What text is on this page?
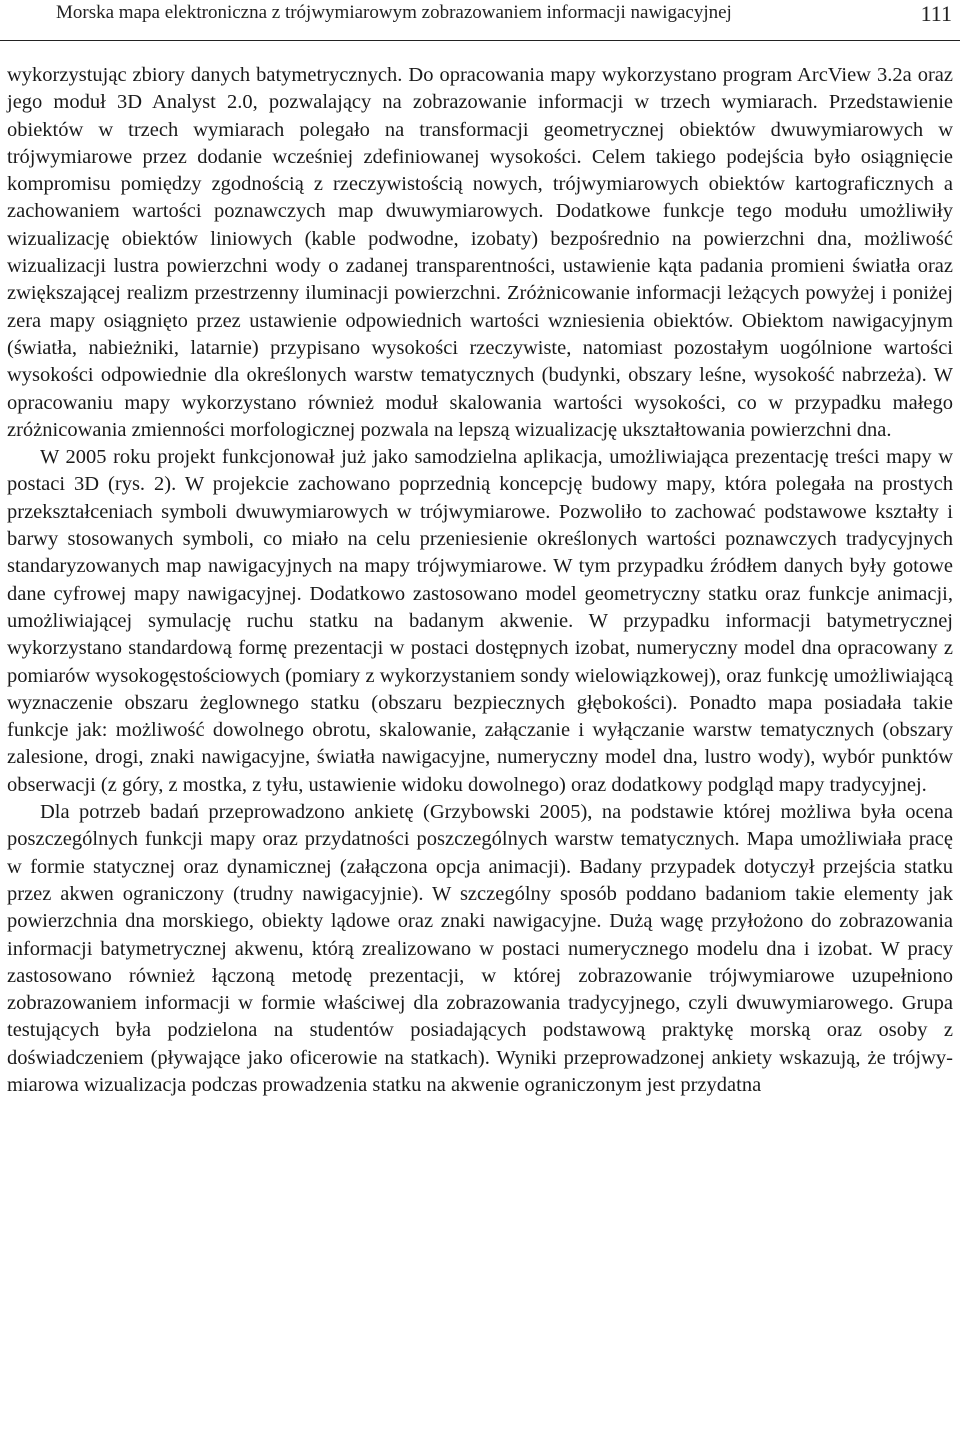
Morska mapa elektroniczna z trójwymiarowym zobrazowaniem informacji nawigacyjnej	111

wykorzystując zbiory danych batymetrycznych. Do opracowania mapy wykorzystano program ArcView 3.2a oraz jego moduł 3D Analyst 2.0, pozwalający na zobrazowanie informacji w trzech wymiarach. Przedstawienie obiektów w trzech wymiarach polegało na transformacji geometrycznej obiektów dwuwymiarowych w trójwymiarowe przez dodanie wcześniej zdefiniowanej wysokości. Celem takiego podejścia było osiągnięcie kompromisu pomiędzy zgodnością z rzeczywistością nowych, trójwymiarowych obiektów kartograficznych a zachowaniem wartości poznawczych map dwuwymiarowych. Dodatkowe funkcje tego modułu umożliwiły wizualizację obiektów liniowych (kable podwodne, izobaty) bezpośrednio na powierzchni dna, możliwość wizualizacji lustra powierzchni wody o zadanej transparentności, ustawienie kąta padania promieni światła oraz zwiększającej realizm przestrzenny iluminacji powierzchni. Zróżnicowanie informacji leżących powyżej i poniżej zera mapy osiągnięto przez ustawienie odpowiednich wartości wzniesienia obiektów. Obiektom nawigacyjnym (światła, nabieżniki, latarnie) przypisano wysokości rzeczywiste, natomiast pozostałym uogólnione wartości wysokości odpowiednie dla określonych warstw tematycznych (budynki, obszary leśne, wysokość nabrzeża). W opracowaniu mapy wykorzystano również moduł skalowania wartości wysokości, co w przypadku małego zróżnicowania zmienności morfologicznej pozwala na lepszą wizualizację ukształtowania powierzchni dna.

W 2005 roku projekt funkcjonował już jako samodzielna aplikacja, umożliwiająca prezentację treści mapy w postaci 3D (rys. 2). W projekcie zachowano poprzednią koncepcję budowy mapy, która polegała na prostych przekształceniach symboli dwuwymiarowych w trójwymiarowe. Pozwoliło to zachować podstawowe kształty i barwy stosowanych symboli, co miało na celu przeniesienie określonych wartości poznawczych tradycyjnych standaryzowanych map nawigacyjnych na mapy trójwymiarowe. W tym przypadku źródłem danych były gotowe dane cyfrowej mapy nawigacyjnej. Dodatkowo zastosowano model geometryczny statku oraz funkcje animacji, umożliwiającej symulację ruchu statku na badanym akwenie. W przypadku informacji batymetrycznej wykorzystano standardową formę prezentacji w postaci dostępnych izobat, numeryczny model dna opracowany z pomiarów wysokogęstościowych (pomiary z wykorzystaniem sondy wielowiązkowej), oraz funkcję umożliwiającą wyznaczenie obszaru żeglownego statku (obszaru bezpiecznych głębokości). Ponadto mapa posiadała takie funkcje jak: możliwość dowolnego obrotu, skalowanie, załączanie i wyłączanie warstw tematycznych (obszary zalesione, drogi, znaki nawigacyjne, światła nawigacyjne, numeryczny model dna, lustro wody), wybór punktów obserwacji (z góry, z mostka, z tyłu, ustawienie widoku dowolnego) oraz dodatkowy podgląd mapy tradycyjnej.

Dla potrzeb badań przeprowadzono ankietę (Grzybowski 2005), na podstawie której możliwa była ocena poszczególnych funkcji mapy oraz przydatności poszczególnych warstw tematycznych. Mapa umożliwiała pracę w formie statycznej oraz dynamicznej (załączona opcja animacji). Badany przypadek dotyczył przejścia statku przez akwen ograniczony (trudny nawigacyjnie). W szczególny sposób poddano badaniom takie elementy jak powierzchnia dna morskiego, obiekty lądowe oraz znaki nawigacyjne. Dużą wagę przyłożono do zobrazowania informacji batymetrycznej akwenu, którą zrealizowano w postaci numerycznego modelu dna i izobat. W pracy zastosowano również łączoną metodę prezentacji, w której zobrazowanie trójwymiarowe uzupełniono zobrazowaniem informacji w formie właściwej dla zobrazowania tradycyjnego, czyli dwuwymiarowego. Grupa testujących była podzielona na studentów posiadających podstawową praktykę morską oraz osoby z doświadczeniem (pływające jako oficerowie na statkach). Wyniki przeprowadzonej ankiety wskazują, że trójwymiarowa wizualizacja podczas prowadzenia statku na akwenie ograniczonym jest przydatna
